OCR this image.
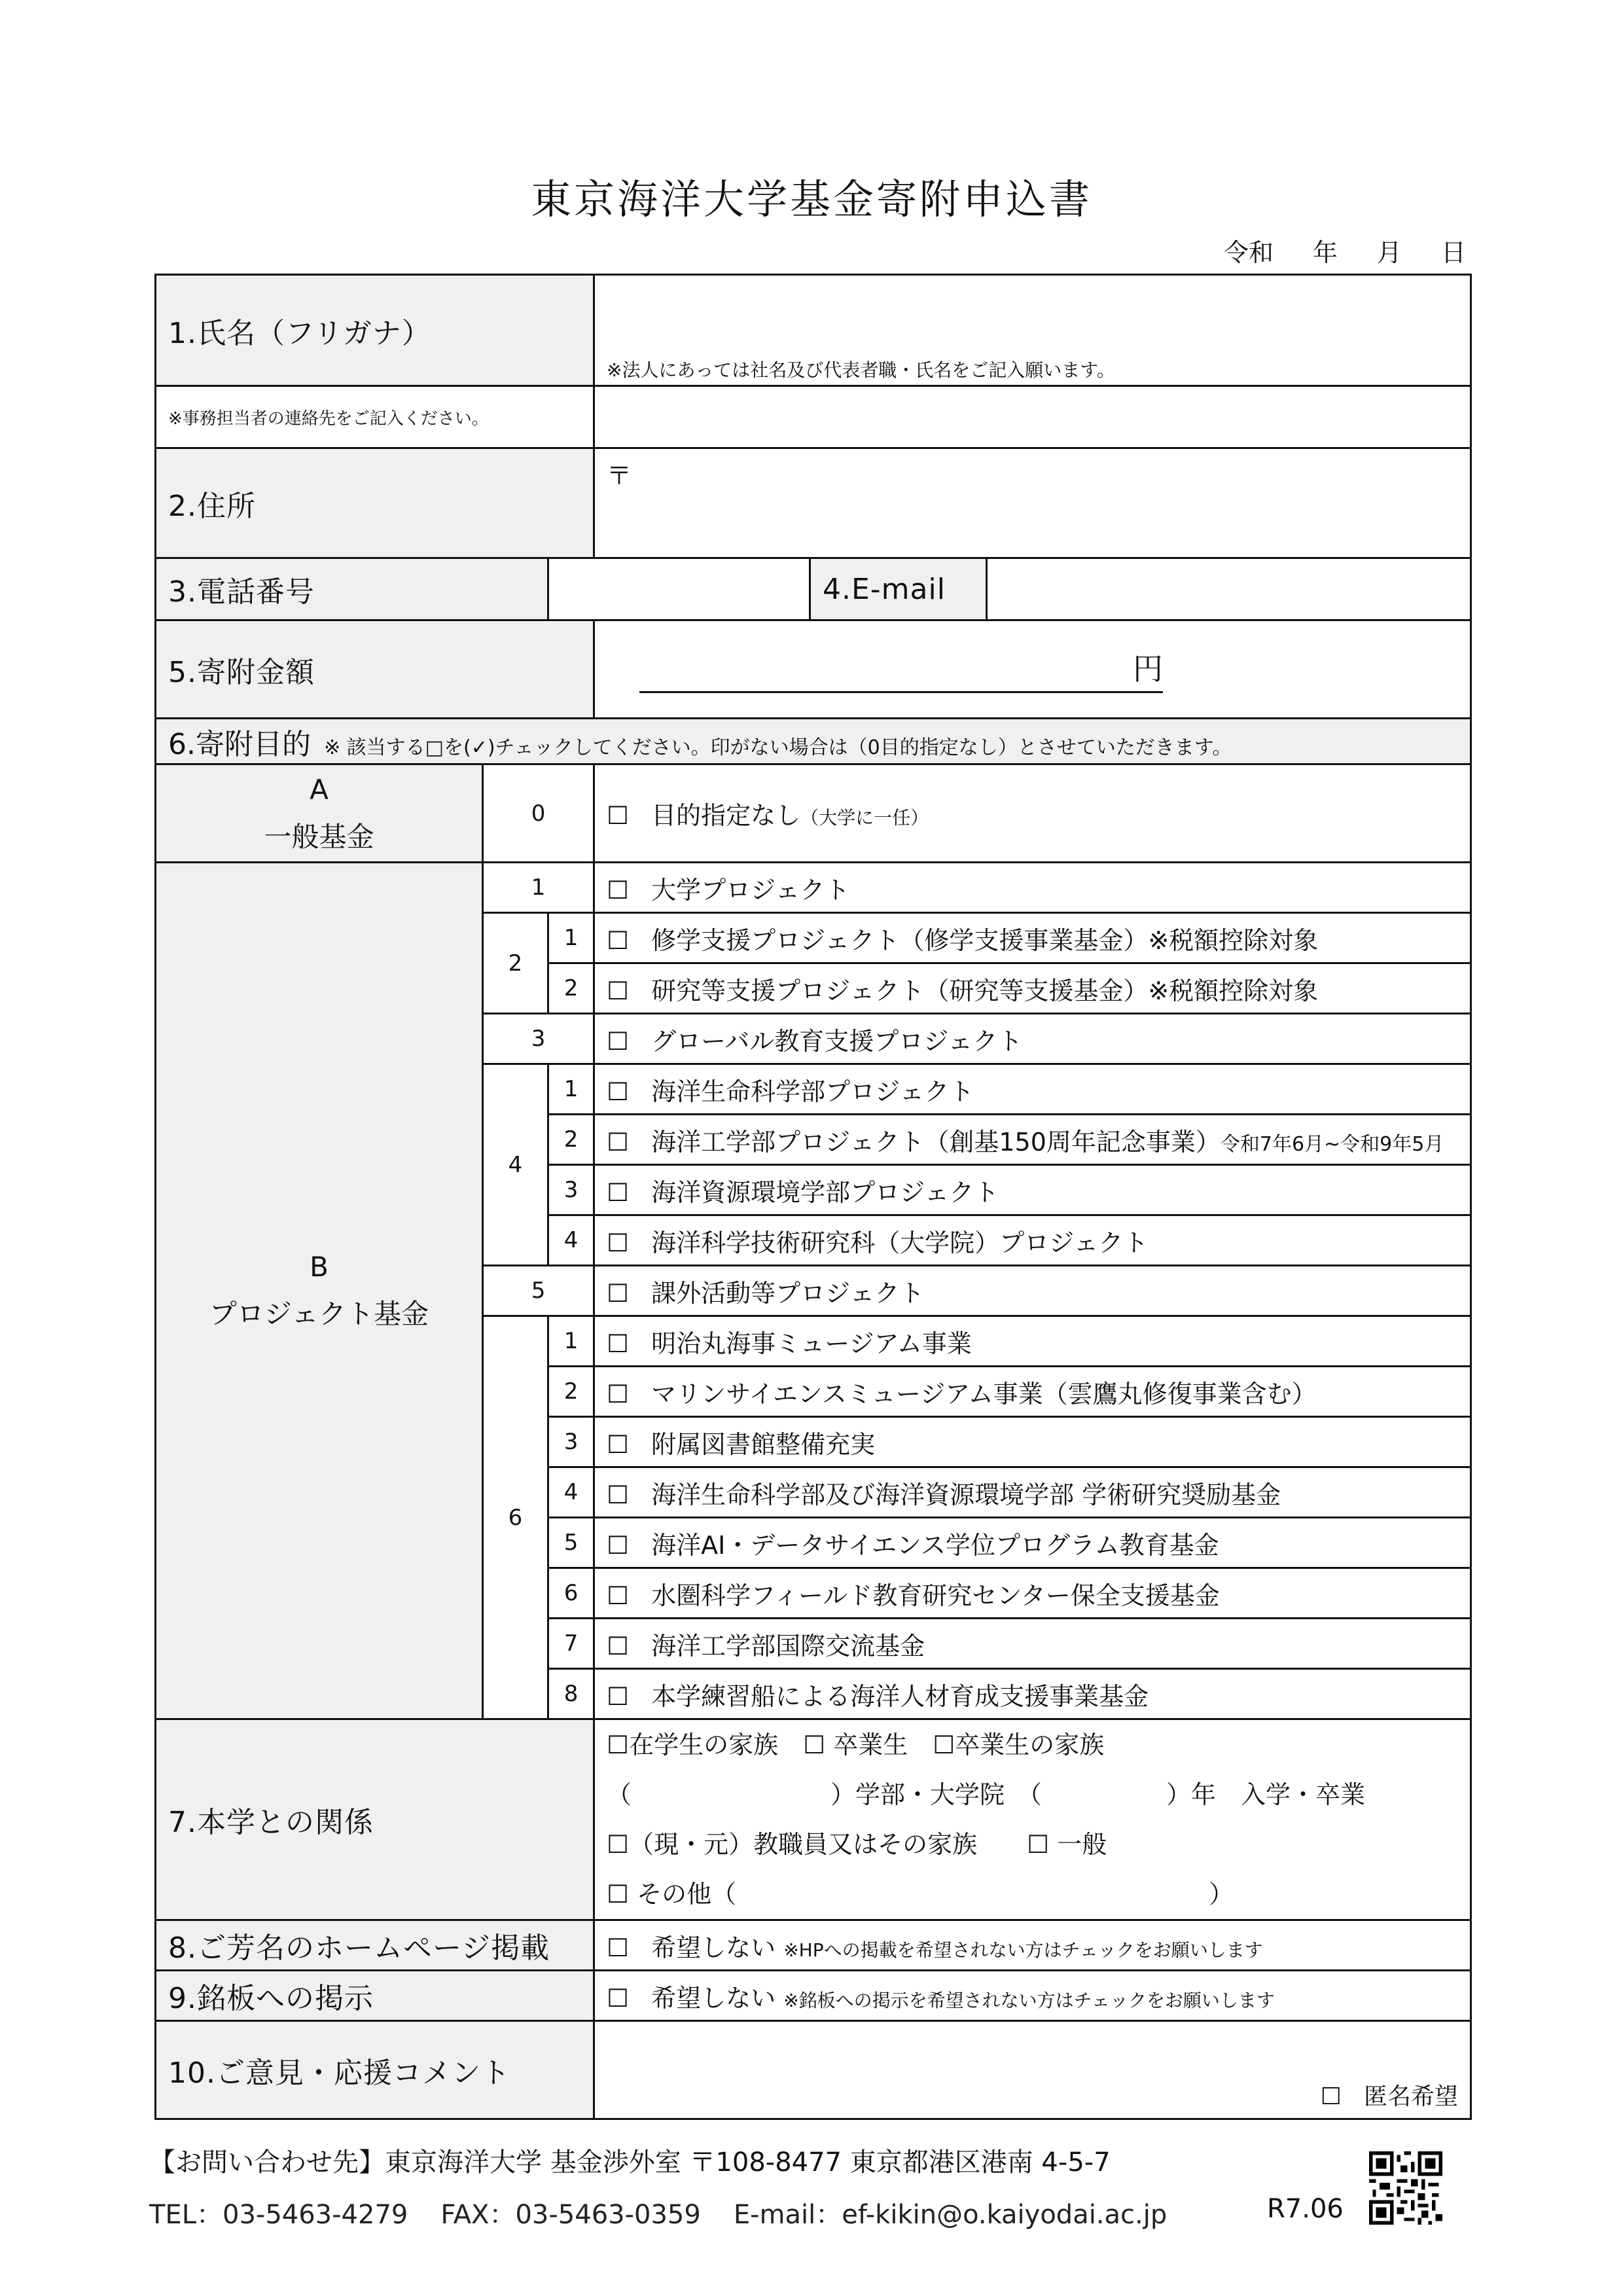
東京海洋大学基金寄附申込書
令和 年 月 日
1.氏名（フリガナ）			※法人にあっては社名及び代表者職・氏名をご記入願います。		
※事務担当者の連絡先をご記入ください。					
2.住所			〒		
3.電話番号				4.E-mail	
5.寄附金額			円		
6.寄附目的 ※ 該当する□を(✓)チェックしてください。印がない場合は（0目的指定なし）とさせていただきます。					

A
一般基金	0		☐ 目的指定なし（大学に一任）		

B
プロジェクト基金	1		☐ 大学プロジェクト		
	2	1	☐ 修学支援プロジェクト（修学支援事業基金）※税額控除対象		
		2	☐ 研究等支援プロジェクト（研究等支援基金）※税額控除対象		
	3		☐ グローバル教育支援プロジェクト		
	4	1	☐ 海洋生命科学部プロジェクト		
		2	☐ 海洋工学部プロジェクト（創基150周年記念事業）令和7年6月~令和9年5月		
		3	☐ 海洋資源環境学部プロジェクト		
		4	☐ 海洋科学技術研究科（大学院）プロジェクト		
	5		☐ 課外活動等プロジェクト		
	6	1	☐ 明治丸海事ミュージアム事業		
		2	☐ マリンサイエンスミュージアム事業（雲鷹丸修復事業含む）		
		3	☐ 附属図書館整備充実		
		4	☐ 海洋生命科学部及び海洋資源環境学部 学術研究奨励基金		
		5	☐ 海洋AI・データサイエンス学位プログラム教育基金		
		6	☐ 水圏科学フィールド教育研究センター保全支援基金		
		7	☐ 海洋工学部国際交流基金		
		8	☐ 本学練習船による海洋人材育成支援事業基金		
7.本学との関係			☐在学生の家族　☐ 卒業生　☐卒業生の家族
（　　　　　　　　）学部・大学院　（　　　　　）年　入学・卒業
☐（現・元）教職員又はその家族　　☐ 一般
☐ その他（　　　　　　　　　　　　　　　　　　　）		

8.ご芳名のホームページ掲載			☐ 希望しない ※HPへの掲載を希望されない方はチェックをお願いします		
9.銘板への掲示			☐ 希望しない ※銘板への掲示を希望されない方はチェックをお願いします		
10.ご意見・応援コメント			☐ 匿名希望		
【お問い合わせ先】東京海洋大学 基金渉外室 〒108-8477 東京都港区港南 4-5-7
TEL：03-5463-4279 FAX：03-5463-0359 E-mail：ef-kikin@o.kaiyodai.ac.jp	R7.06
